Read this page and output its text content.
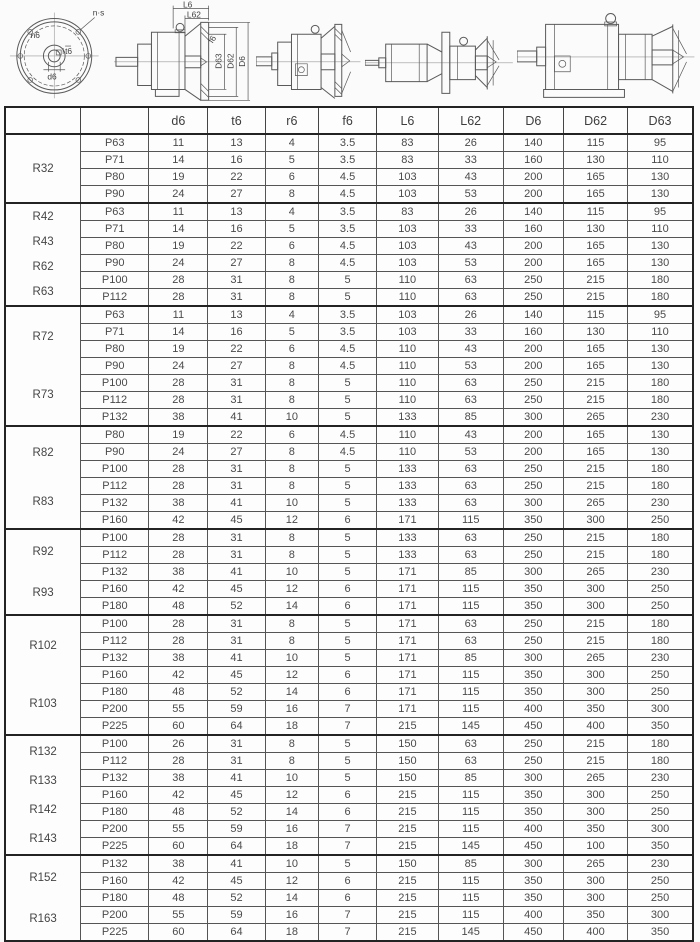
n·s
n6
t6
d6
L6
L62
f6
D63 D62 D6
		d6	t6	r6	f6	L6	L62	D6	D62	D63

R32	P63	11	13	4	3.5	83	26	140	115	95
	P71	14	16	5	3.5	83	33	160	130	110
	P80	19	22	6	4.5	103	43	200	165	130
	P90	24	27	8	4.5	103	53	200	165	130

R42
R43
R62
R63	P63	11	13	4	3.5	83	26	140	115	95
	P71	14	16	5	3.5	103	33	160	130	110
	P80	19	22	6	4.5	103	43	200	165	130
	P90	24	27	8	4.5	103	53	200	165	130
	P100	28	31	8	5	110	63	250	215	180
	P112	28	31	8	5	110	63	250	215	180

R72
R73	P63	11	13	4	3.5	103	26	140	115	95
	P71	14	16	5	3.5	103	33	160	130	110
	P80	19	22	6	4.5	110	43	200	165	130
	P90	24	27	8	4.5	110	53	200	165	130
	P100	28	31	8	5	110	63	250	215	180
	P112	28	31	8	5	110	63	250	215	180
	P132	38	41	10	5	133	85	300	265	230

R82
R83	P80	19	22	6	4.5	110	43	200	165	130
	P90	24	27	8	4.5	110	53	200	165	130
	P100	28	31	8	5	133	63	250	215	180
	P112	28	31	8	5	133	63	250	215	180
	P132	38	41	10	5	133	63	300	265	230
	P160	42	45	12	6	171	115	350	300	250

R92
R93	P100	28	31	8	5	133	63	250	215	180
	P112	28	31	8	5	133	63	250	215	180
	P132	38	41	10	5	171	85	300	265	230
	P160	42	45	12	6	171	115	350	300	250
	P180	48	52	14	6	171	115	350	300	250

R102
R103	P100	28	31	8	5	171	63	250	215	180
	P112	28	31	8	5	171	63	250	215	180
	P132	38	41	10	5	171	85	300	265	230
	P160	42	45	12	6	171	115	350	300	250
	P180	48	52	14	6	171	115	350	300	250
	P200	55	59	16	7	171	115	400	350	300
	P225	60	64	18	7	215	145	450	400	350

R132
R133
R142
R143	P100	26	31	8	5	150	63	250	215	180
	P112	28	31	8	5	150	63	250	215	180
	P132	38	41	10	5	150	85	300	265	230
	P160	42	45	12	6	215	115	350	300	250
	P180	48	52	14	6	215	115	350	300	250
	P200	55	59	16	7	215	115	400	350	300
	P225	60	64	18	7	215	145	450	100	350

R152
R163	P132	38	41	10	5	150	85	300	265	230
	P160	42	45	12	6	215	115	350	300	250
	P180	48	52	14	6	215	115	350	300	250
	P200	55	59	16	7	215	115	400	350	300
	P225	60	64	18	7	215	145	450	400	350
